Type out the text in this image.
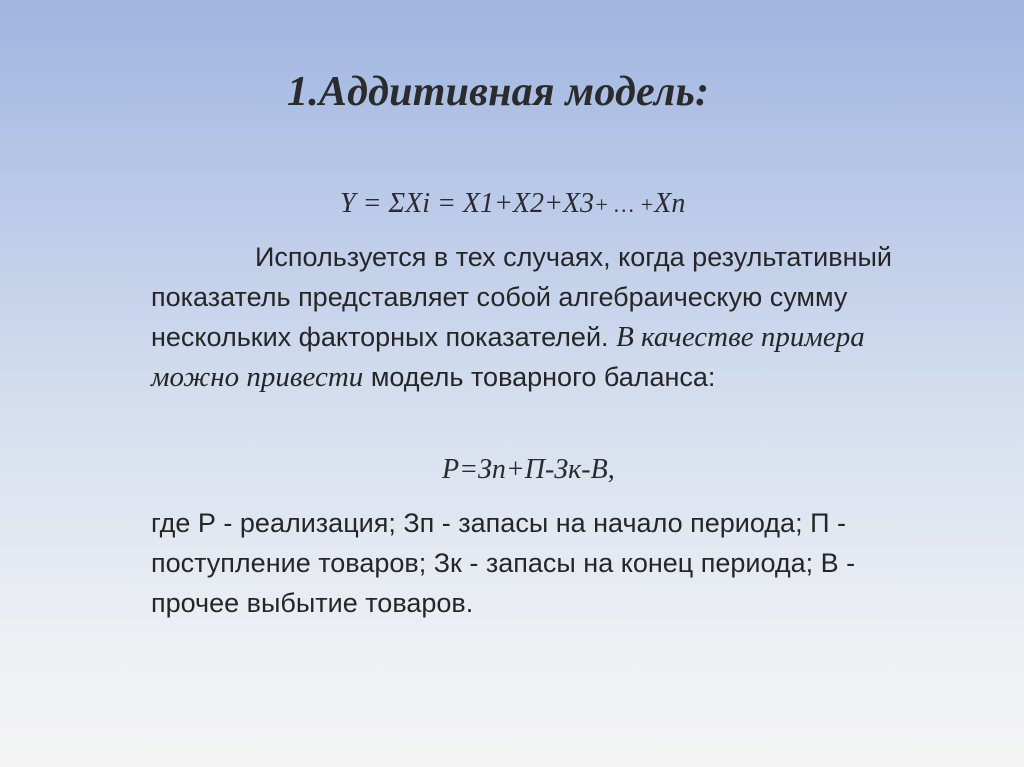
1.Аддитивная модель:
Y = ΣXi = X1+X2+X3+ … +Xn
Используется в тех случаях, когда результативный показатель представляет собой алгебраическую сумму нескольких факторных показателей. В качестве примера можно привести модель товарного баланса:
Р=Зп+П-Зк-В,
где Р - реализация; Зп - запасы на начало периода; П - поступление товаров; Зк - запасы на конец периода; В - прочее выбытие товаров.
